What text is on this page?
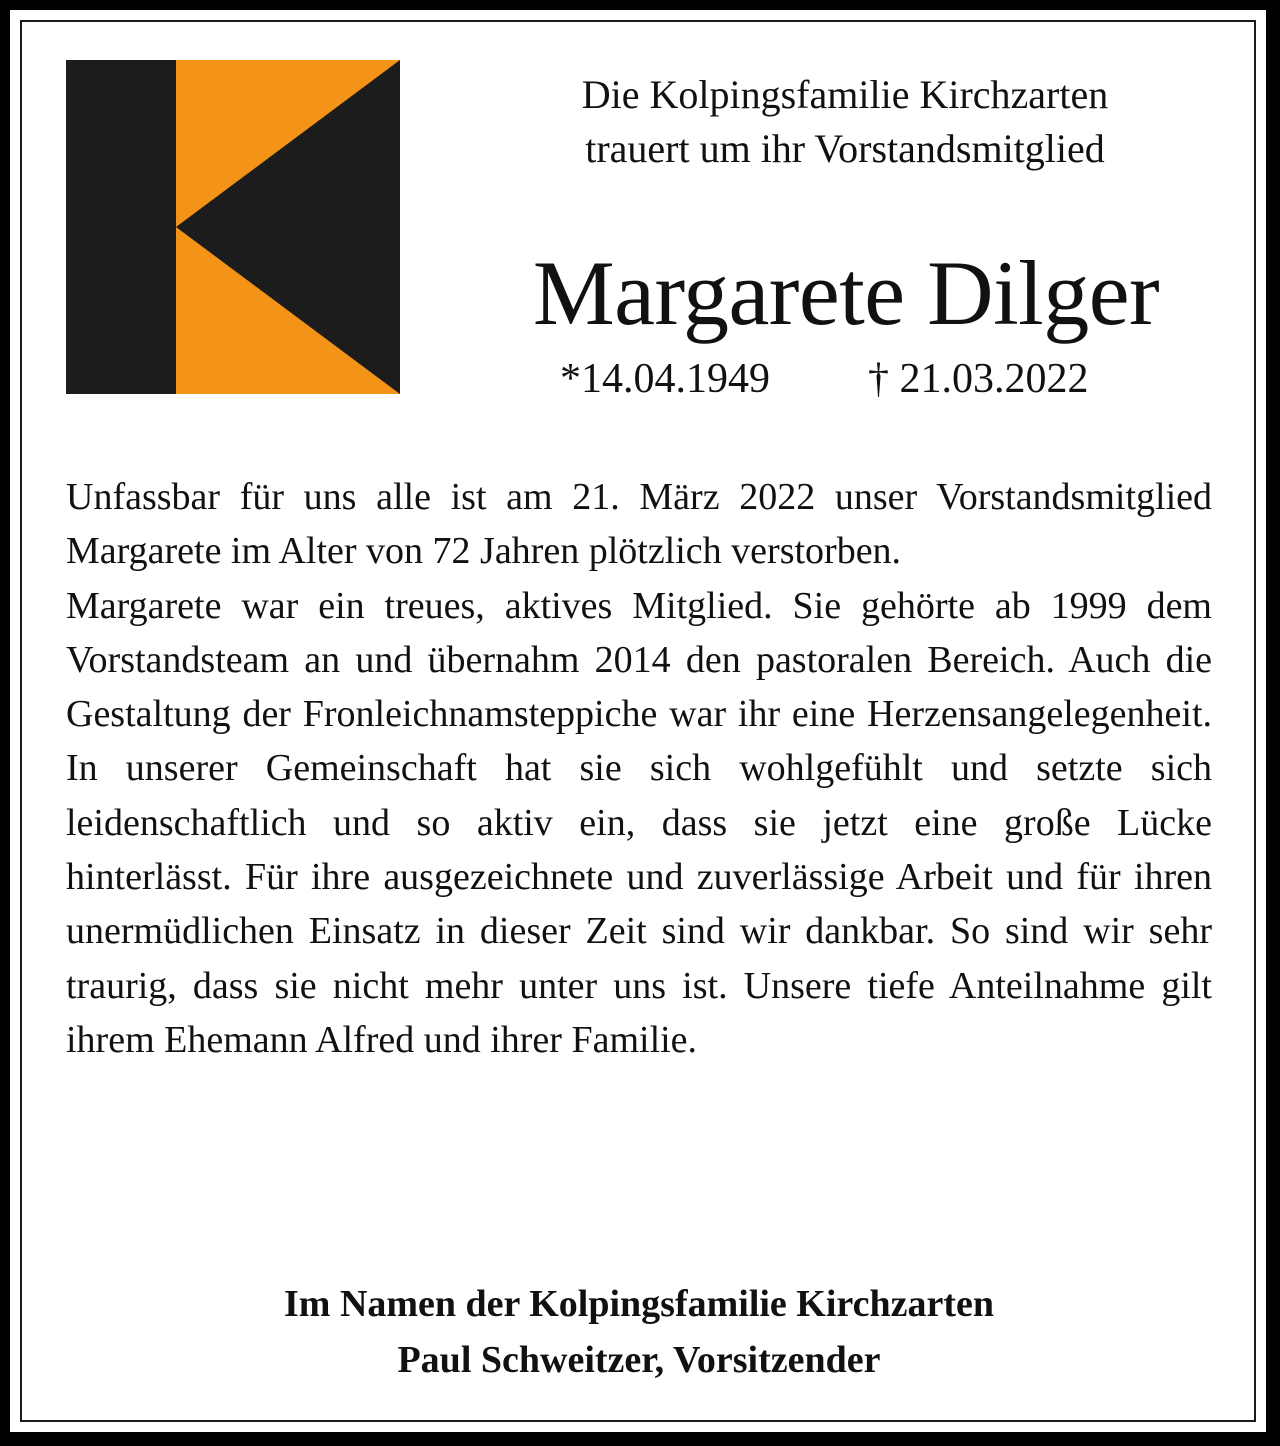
Die Kolpingsfamilie Kirchzarten
trauert um ihr Vorstandsmitglied
Margarete Dilger
*14.04.1949 † 21.03.2022

Unfassbar für uns alle ist am 21. März 2022 unser Vorstandsmitglied Margarete im Alter von 72 Jahren plötzlich verstorben.

Margarete war ein treues, aktives Mitglied. Sie gehörte ab 1999 dem Vorstandsteam an und übernahm 2014 den pastoralen Bereich. Auch die Gestaltung der Fronleichnamsteppiche war ihr eine Herzensangelegenheit. In unserer Gemeinschaft hat sie sich wohlgefühlt und setzte sich leidenschaftlich und so aktiv ein, dass sie jetzt eine große Lücke hinterlässt. Für ihre ausgezeichnete und zuverlässige Arbeit und für ihren unermüdlichen Einsatz in dieser Zeit sind wir dankbar. So sind wir sehr traurig, dass sie nicht mehr unter uns ist. Unsere tiefe Anteilnahme gilt ihrem Ehemann Alfred und ihrer Familie.

Im Namen der Kolpingsfamilie Kirchzarten
Paul Schweitzer, Vorsitzender
